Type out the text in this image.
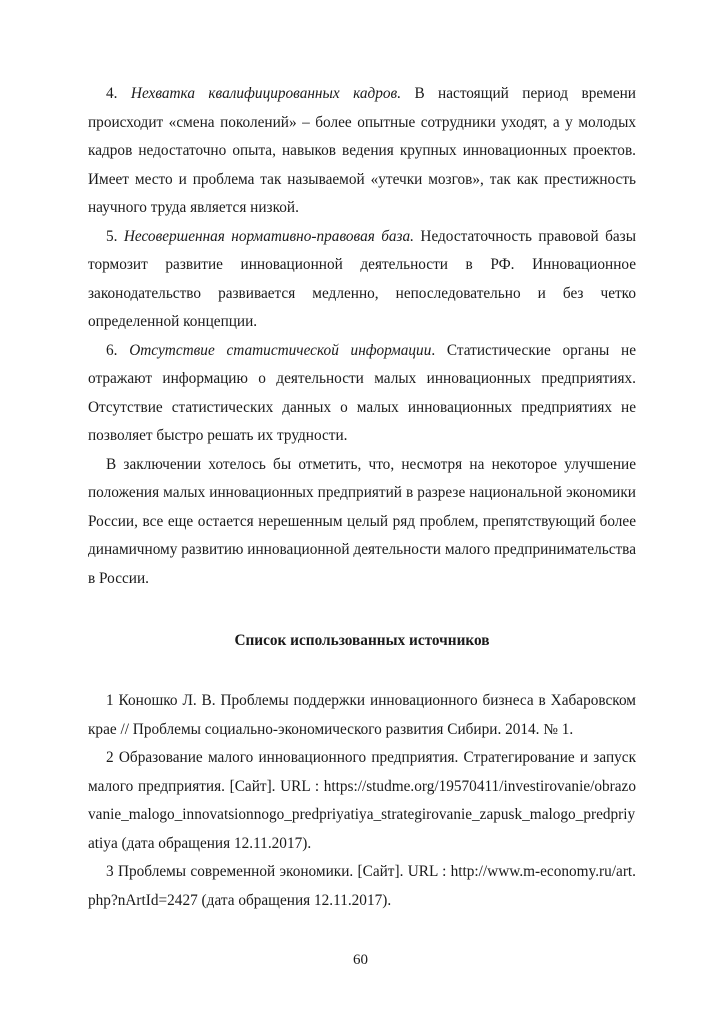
4. Нехватка квалифицированных кадров. В настоящий период времени происходит «смена поколений» – более опытные сотрудники уходят, а у молодых кадров недостаточно опыта, навыков ведения крупных инновационных проектов. Имеет место и проблема так называемой «утечки мозгов», так как престижность научного труда является низкой.

5. Несовершенная нормативно-правовая база. Недостаточность правовой базы тормозит развитие инновационной деятельности в РФ. Инновационное законодательство развивается медленно, непоследовательно и без четко определенной концепции.

6. Отсутствие статистической информации. Статистические органы не отражают информацию о деятельности малых инновационных предприятиях. Отсутствие статистических данных о малых инновационных предприятиях не позволяет быстро решать их трудности.

В заключении хотелось бы отметить, что, несмотря на некоторое улучшение положения малых инновационных предприятий в разрезе национальной экономики России, все еще остается нерешенным целый ряд проблем, препятствующий более динамичному развитию инновационной деятельности малого предпринимательства в России.

Список использованных источников

1 Коношко Л. В. Проблемы поддержки инновационного бизнеса в Хабаровском крае // Проблемы социально-экономического развития Сибири. 2014. № 1.

2 Образование малого инновационного предприятия. Стратегирование и запуск малого предприятия. [Сайт]. URL : https://studme.org/19570411/investirovanie/obrazovanie_malogo_innovatsionnogo_predpriyatiya_strategirovanie_zapusk_malogo_predpriyatiya (дата обращения 12.11.2017).

3 Проблемы современной экономики. [Сайт]. URL : http://www.m-economy.ru/art.php?nArtId=2427 (дата обращения 12.11.2017).

60
